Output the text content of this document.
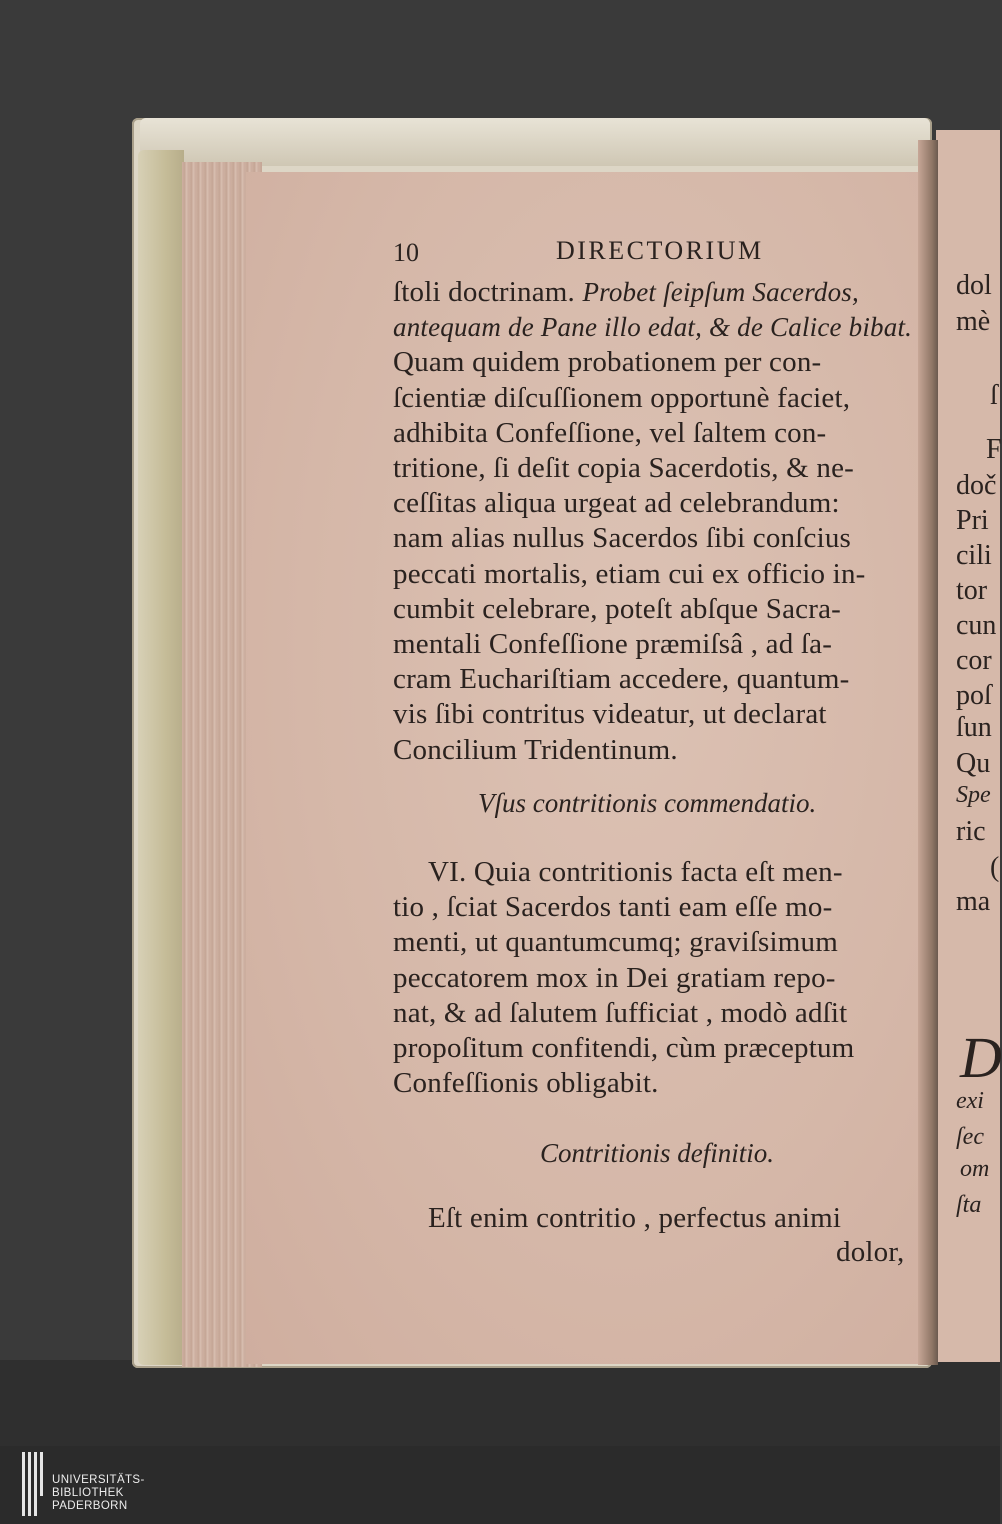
10	DIRECTORIUM
ſtoli doctrinam. Probet ſeipſum Sacerdos,
antequam de Pane illo edat, & de Calice bibat.
Quam quidem probationem per con-
ſcientiæ diſcuſſionem opportunè faciet,
adhibita Confeſſione, vel ſaltem con-
tritione, ſi deſit copia Sacerdotis, & ne-
ceſſitas aliqua urgeat ad celebrandum:
nam alias nullus Sacerdos ſibi conſcius
peccati mortalis, etiam cui ex officio in-
cumbit celebrare, poteſt abſque Sacra-
mentali Confeſſione præmiſsâ , ad ſa-
cram Euchariſtiam accedere, quantum-
vis ſibi contritus videatur, ut declarat
Concilium Tridentinum.
Vſus contritionis commendatio.
VI. Quia contritionis facta eſt men-
tio , ſciat Sacerdos tanti eam eſſe mo-
menti, ut quantumcumq; graviſsimum
peccatorem mox in Dei gratiam repo-
nat, & ad ſalutem ſufficiat , modò adſit
propoſitum confitendi, cùm præceptum
Confeſſionis obligabit.
Contritionis definitio.
Eſt enim contritio , perfectus animi
dolor,
dol
mè
ſ
F
doč
Pri
cili
tor
cun
cor
poſ
ſun
Qu
Spe
ric
(
ma
D
exi
ſec
om
ſta
UNIVERSITÄTS-
BIBLIOTHEK
PADERBORN
